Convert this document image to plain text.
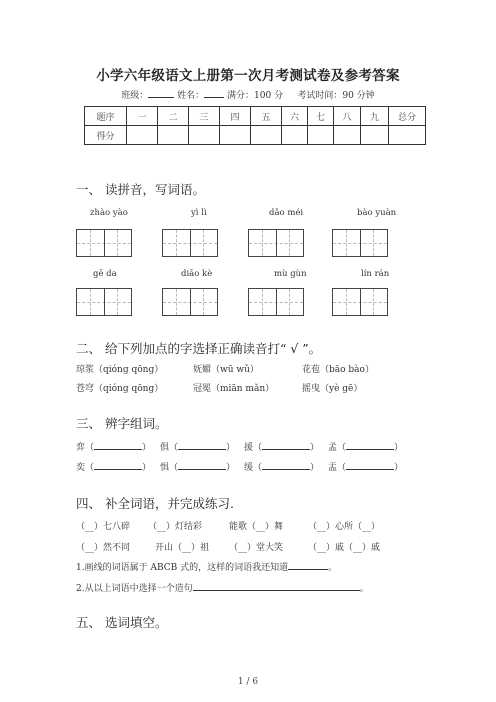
小学六年级语文上册第一次月考测试卷及参考答案
班级：	姓名：	满分：100 分 考试时间：90 分钟
题序	一	二	三	四	五	六	七	八	九	总分
得分										
一、 读拼音，写词语。
zhào yào	yì lì	dǎo méi	bào yuàn
gē da	diāo kè	mù gùn	lín rán
二、 给下列加点的字选择正确读音打“ √ ”。
琼浆（qióng qōng）	妩媚（wū wǔ）	花苞（bāo bào）
苍穹（qióng qōng）	冠冕（miān mǎn）	摇曳（yè gē）
三、 辨字组词。
弈（	） 俱（	） 援（	） 孟（	）
奕（	） 惧（	） 缓（	） 盂（	）
四、 补全词语，并完成练习.
（__）七八碎 （__）灯结彩	能歌（__）舞	（__）心所（__）
（__）然不同	开山（__）祖 （__）堂大笑	（__）戚（__）戚
1.画线的词语属于 ABCB 式的，这样的词语我还知道	。
2.从以上词语中选择一个造句	。
五、 选词填空。
1 / 6
